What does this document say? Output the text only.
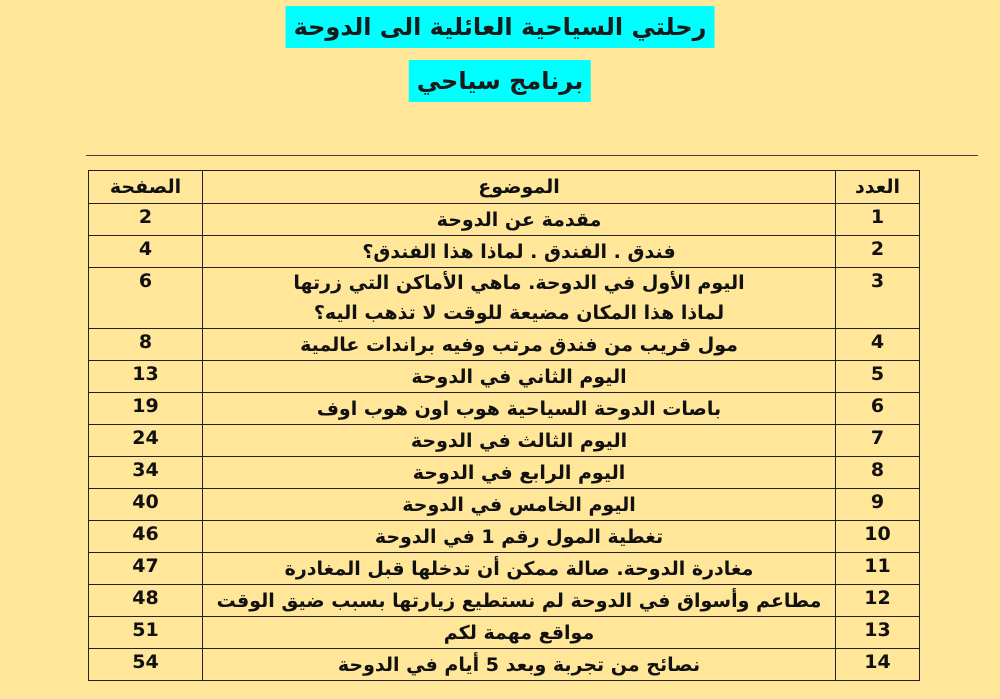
رحلتي السياحية العائلية الى الدوحة
برنامج سياحي
العدد	الموضوع	الصفحة
1	مقدمة عن الدوحة	2
2	فندق . الفندق . لماذا هذا الفندق؟	4
3	اليوم الأول في الدوحة. ماهي الأماكن التي زرتها
لماذا هذا المكان مضيعة للوقت لا تذهب اليه؟	6
4	مول قريب من فندق مرتب وفيه براندات عالمية	8
5	اليوم الثاني في الدوحة	13
6	باصات الدوحة السياحية هوب اون هوب اوف	19
7	اليوم الثالث في الدوحة	24
8	اليوم الرابع في الدوحة	34
9	اليوم الخامس في الدوحة	40
10	تغطية المول رقم 1 في الدوحة	46
11	مغادرة الدوحة. صالة ممكن أن تدخلها قبل المغادرة	47
12	مطاعم وأسواق في الدوحة لم نستطيع زيارتها بسبب ضيق الوقت	48
13	مواقع مهمة لكم	51
14	نصائح من تجربة وبعد 5 أيام في الدوحة	54
